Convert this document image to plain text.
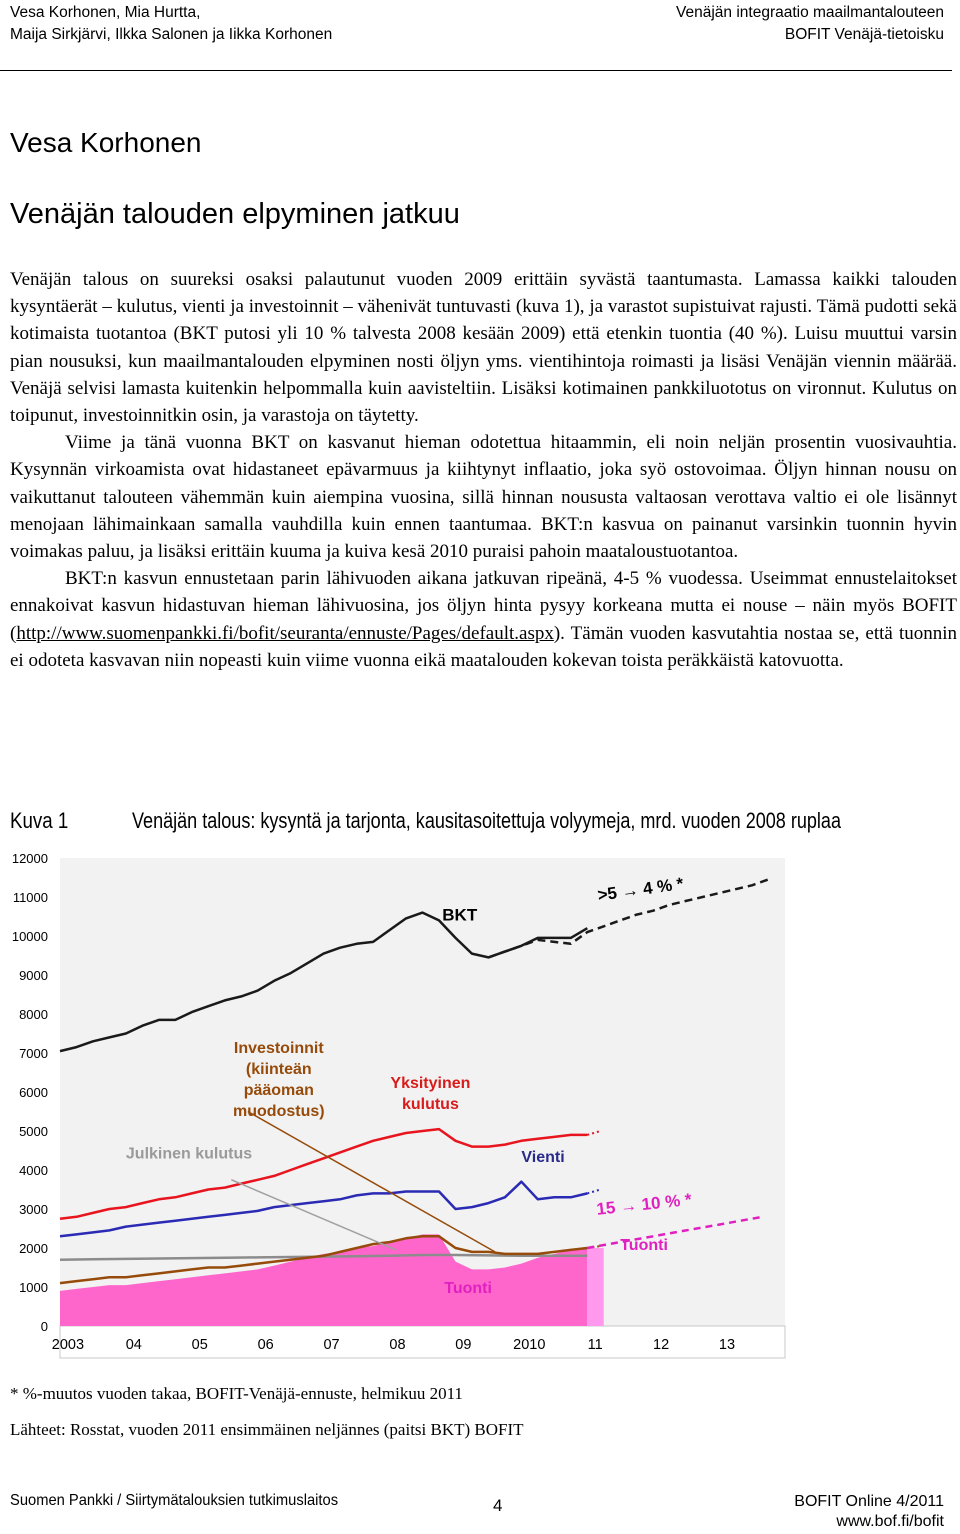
Vesa Korhonen, Mia Hurtta,
Maija Sirkjärvi, Ilkka Salonen ja Iikka Korhonen
Venäjän integraatio maailmantalouteen
BOFIT Venäjä-tietoisku
Vesa Korhonen
Venäjän talouden elpyminen jatkuu

Venäjän talous on suureksi osaksi palautunut vuoden 2009 erittäin syvästä taantumasta. Lamassa kaikki talouden kysyntäerät – kulutus, vienti ja investoinnit – vähenivät tuntuvasti (kuva 1), ja varastot supistuivat rajusti. Tämä pudotti sekä kotimaista tuotantoa (BKT putosi yli 10 % talvesta 2008 kesään 2009) että etenkin tuontia (40 %). Luisu muuttui varsin pian nousuksi, kun maailmantalouden elpyminen nosti öljyn yms. vientihintoja roimasti ja lisäsi Venäjän viennin määrää. Venäjä selvisi lamasta kuitenkin helpommalla kuin aavisteltiin. Lisäksi kotimainen pankkiluototus on vironnut. Kulutus on toipunut, investoinnitkin osin, ja varastoja on täytetty.

Viime ja tänä vuonna BKT on kasvanut hieman odotettua hitaammin, eli noin neljän prosentin vuosivauhtia. Kysynnän virkoamista ovat hidastaneet epävarmuus ja kiihtynyt inflaatio, joka syö ostovoimaa. Öljyn hinnan nousu on vaikuttanut talouteen vähemmän kuin aiempina vuosina, sillä hinnan noususta valtaosan verottava valtio ei ole lisännyt menojaan lähimainkaan samalla vauhdilla kuin ennen taantumaa. BKT:n kasvua on painanut varsinkin tuonnin hyvin voimakas paluu, ja lisäksi erittäin kuuma ja kuiva kesä 2010 puraisi pahoin maataloustuotantoa.

BKT:n kasvun ennustetaan parin lähivuoden aikana jatkuvan ripeänä, 4-5 % vuodessa. Useimmat ennustelaitokset ennakoivat kasvun hidastuvan hieman lähivuosina, jos öljyn hinta pysyy korkeana mutta ei nouse – näin myös BOFIT (http://www.suomenpankki.fi/bofit/seuranta/ennuste/Pages/default.aspx). Tämän vuoden kasvutahtia nostaa se, että tuonnin ei odoteta kasvavan niin nopeasti kuin viime vuonna eikä maatalouden kokevan toista peräkkäistä katovuotta.

Kuva 1	Venäjän talous: kysyntä ja tarjonta, kausitasoitettuja volyymeja, mrd. vuoden 2008 ruplaa
0
1000
2000
3000
4000
5000
6000
7000
8000
9000
10000
11000
12000
2003	04	05	06	07	08	09	2010	11	12	13
BKT
Investoinnit
(kiinteän
pääoman
muodostus)
Yksityinen
kulutus
Julkinen kulutus	Vienti
Tuonti
Tuonti
>5 → 4 % *
15 → 10 % *
* %-muutos vuoden takaa, BOFIT-Venäjä-ennuste, helmikuu 2011
Lähteet: Rosstat, vuoden 2011 ensimmäinen neljännes (paitsi BKT) BOFIT
Suomen Pankki / Siirtymätalouksien tutkimuslaitos	4	BOFIT Online 4/2011
www.bof.fi/bofit
